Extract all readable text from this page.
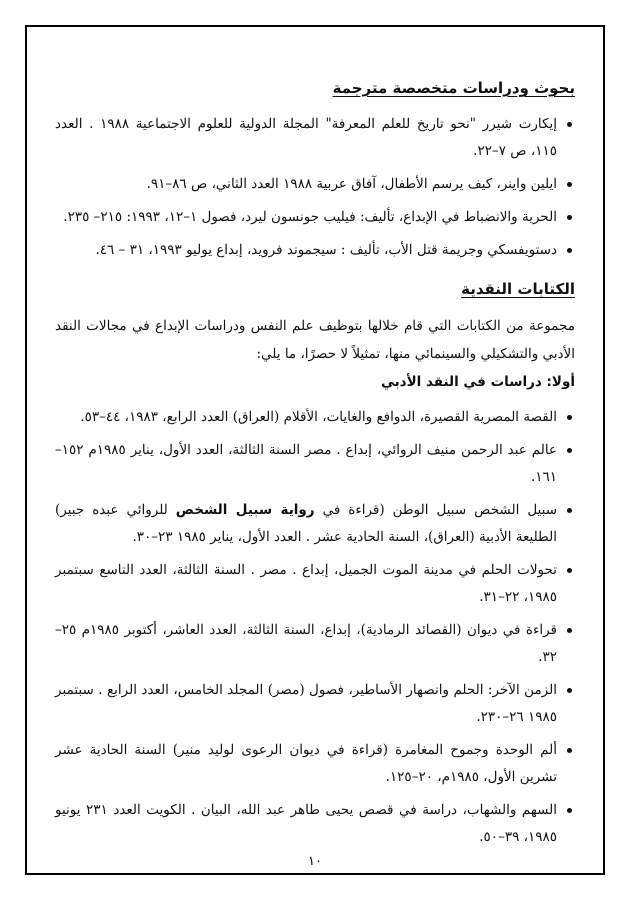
بحوث ودراسات متخصصة مترجمة
إيكارت شيرر "نحو تاريخ للعلم المعرفة" المجلة الدولية للعلوم الاجتماعية ١٩٨٨ . العدد ١١٥، ص ٧–٢٢.
ايلين واينر، كيف يرسم الأطفال، آفاق عربية ١٩٨٨ العدد الثاني، ص ٨٦–٩١.
الحرية والانضباط في الإبداع، تأليف: فيليب جونسون ليرد، فصول ١–١٢، ١٩٩٣: ٢١٥– ٢٣٥.
دستويفسكي وجريمة قتل الأب، تأليف : سيجموند فرويد، إبداع يوليو ١٩٩٣، ٣١ – ٤٦.
الكتابات النقدية

مجموعة من الكتابات التي قام خلالها بتوظيف علم النفس ودراسات الإبداع في مجالات النقد الأدبي والتشكيلي والسينمائي منها، تمثيلاً لا حصرًا، ما يلي:

أولا: دراسات في النقد الأدبي
القصة المصرية القصيرة، الدوافع والغايات، الأقلام (العراق) العدد الرابع، ١٩٨٣، ٤٤–٥٣.
عالم عبد الرحمن منيف الروائي، إبداع . مصر السنة الثالثة، العدد الأول، يناير ١٩٨٥م ١٥٢–١٦١.
سبيل الشخص سبيل الوطن (قراءة في رواية سبيل الشخص للروائي عبده جبير) الطليعة الأدبية (العراق)، السنة الحادية عشر . العدد الأول، يناير ١٩٨٥ ٢٣–٣٠.
تحولات الحلم في مدينة الموت الجميل، إبداع . مصر . السنة الثالثة، العدد التاسع سبتمبر ١٩٨٥، ٢٢–٣١.
قراءة في ديوان (القصائد الرمادية)، إبداع، السنة الثالثة، العدد العاشر، أكتوبر ١٩٨٥م ٢٥–٣٢.
الزمن الآخر: الحلم وانصهار الأساطير، فصول (مصر) المجلد الخامس، العدد الرابع . سبتمبر ١٩٨٥ ٢٦–٢٣٠.
ألم الوحدة وجموح المغامرة (قراءة في ديوان الرعوى لوليد منير) السنة الحادية عشر تشرين الأول، ١٩٨٥م، ٢٠–١٢٥.
السهم والشهاب، دراسة في قصص يحيى طاهر عبد الله، البيان . الكويت العدد ٢٣١ يونيو ١٩٨٥، ٣٩–٥٠.
١٠
